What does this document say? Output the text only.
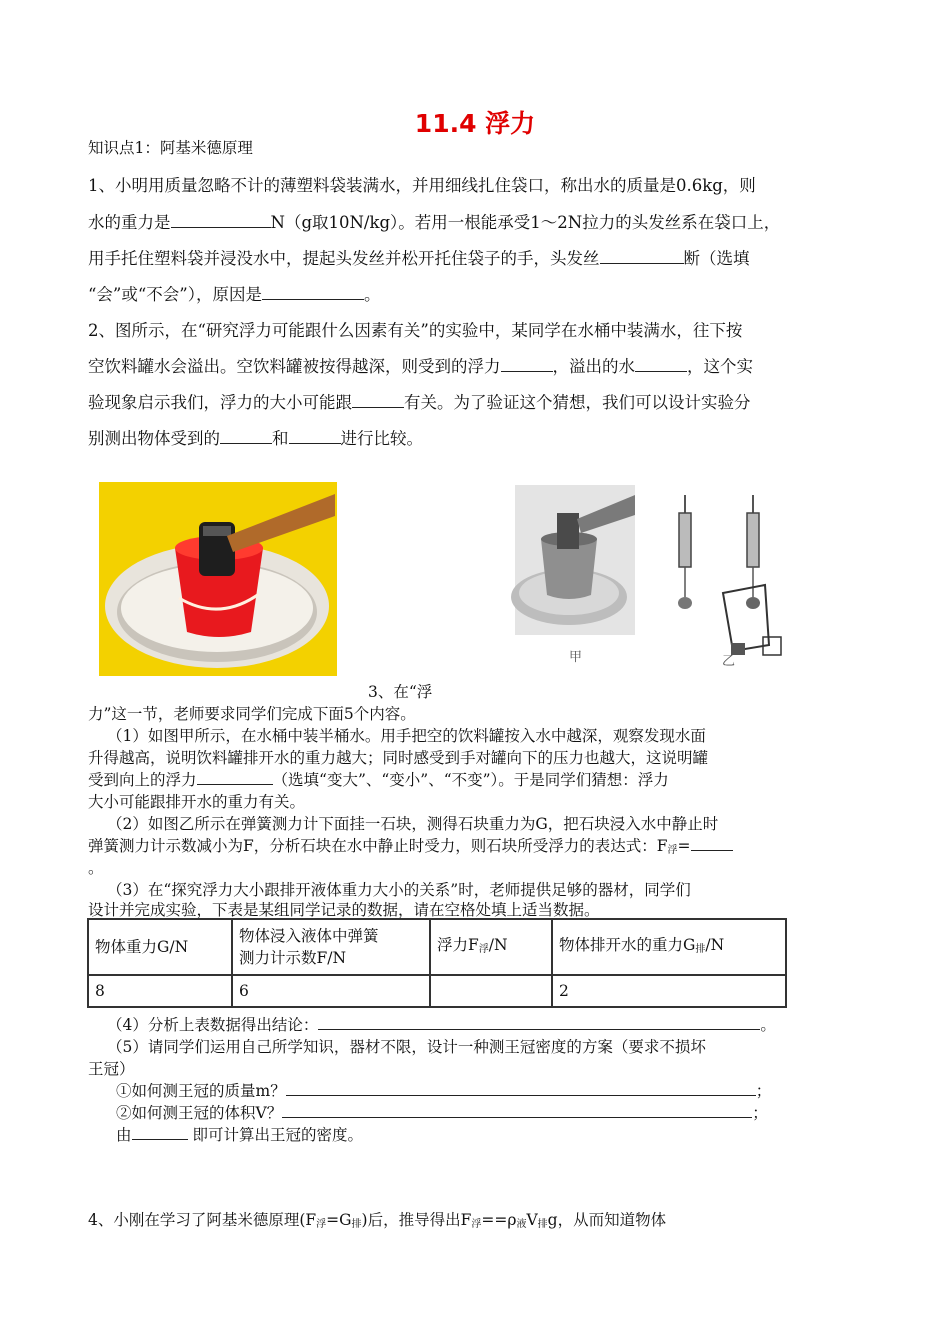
11.4 浮力
知识点1：阿基米德原理
1、小明用质量忽略不计的薄塑料袋装满水，并用细线扎住袋口，称出水的质量是0.6kg，则
水的重力是	N（g取10N/kg）。若用一根能承受1～2N拉力的头发丝系在袋口上，
用手托住塑料袋并浸没水中，提起头发丝并松开托住袋子的手，头发丝	断（选填
“会”或“不会”），原因是	。
2、图所示，在“研究浮力可能跟什么因素有关”的实验中，某同学在水桶中装满水，往下按
空饮料罐水会溢出。空饮料罐被按得越深，则受到的浮力	，溢出的水	，这个实
验现象启示我们，浮力的大小可能跟	有关。为了验证这个猜想，我们可以设计实验分
别测出物体受到的	和	进行比较。
甲	乙
3、在“浮
力”这一节，老师要求同学们完成下面5个内容。
（1）如图甲所示，在水桶中装半桶水。用手把空的饮料罐按入水中越深，观察发现水面
升得越高，说明饮料罐排开水的重力越大；同时感受到手对罐向下的压力也越大，这说明罐
受到向上的浮力	（选填“变大”、“变小”、“不变”）。于是同学们猜想：浮力
大小可能跟排开水的重力有关。
（2）如图乙所示在弹簧测力计下面挂一石块，测得石块重力为G，把石块浸入水中静止时
弹簧测力计示数减小为F，分析石块在水中静止时受力，则石块所受浮力的表达式：$F_浮=$
。
（3）在“探究浮力大小跟排开液体重力大小的关系”时，老师提供足够的器材，同学们
设计并完成实验，下表是某组同学记录的数据，请在空格处填上适当数据。
物体重力G/N	物体浸入液体中弹簧
测力计示数F/N	浮力$F_浮/N$	物体排开水的重力$G_排/N$
8	6		2
（4）分析上表数据得出结论：	。
（5）请同学们运用自己所学知识，器材不限，设计一种测王冠密度的方案（要求不损坏
王冠）
①如何测王冠的质量m？	；
②如何测王冠的体积V？	；
由	即可计算出王冠的密度。
4、小刚在学习了阿基米德原理$(F_浮=G_排)$后，推导得出$F_浮==\rho_液V_排g$，从而知道物体
